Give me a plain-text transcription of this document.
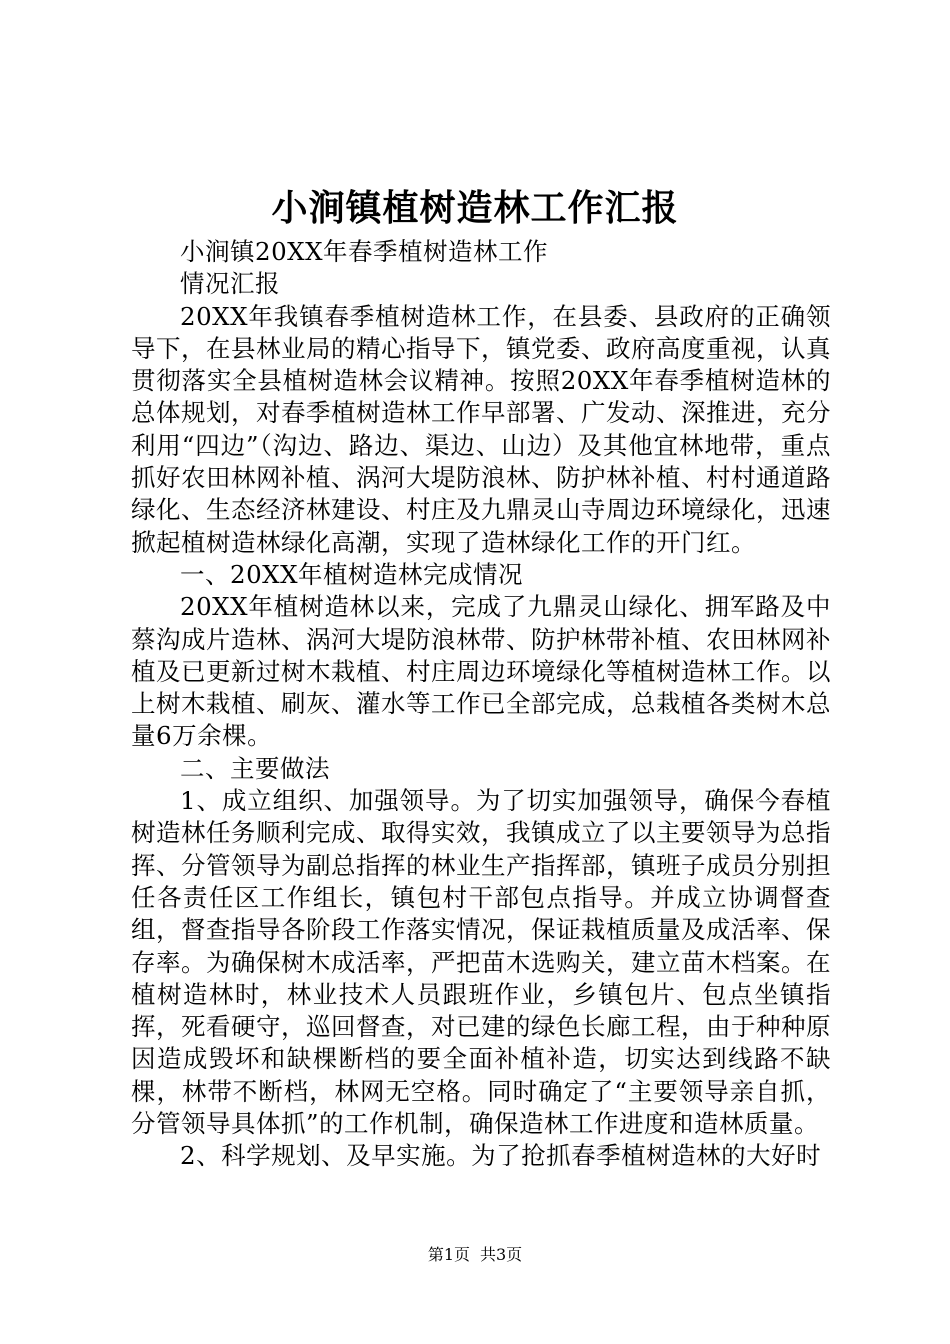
小涧镇植树造林工作汇报

小涧镇20XX年春季植树造林工作

情况汇报

20XX年我镇春季植树造林工作，在县委、县政府的正确领导下，在县林业局的精心指导下，镇党委、政府高度重视，认真贯彻落实全县植树造林会议精神。按照20XX年春季植树造林的总体规划，对春季植树造林工作早部署、广发动、深推进，充分利用“四边”（沟边、路边、渠边、山边）及其他宜林地带，重点抓好农田林网补植、涡河大堤防浪林、防护林补植、村村通道路绿化、生态经济林建设、村庄及九鼎灵山寺周边环境绿化，迅速掀起植树造林绿化高潮，实现了造林绿化工作的开门红。

一、20XX年植树造林完成情况

20XX年植树造林以来，完成了九鼎灵山绿化、拥军路及中蔡沟成片造林、涡河大堤防浪林带、防护林带补植、农田林网补植及已更新过树木栽植、村庄周边环境绿化等植树造林工作。以上树木栽植、刷灰、灌水等工作已全部完成，总栽植各类树木总量6万余棵。

二、主要做法

1、成立组织、加强领导。为了切实加强领导，确保今春植树造林任务顺利完成、取得实效，我镇成立了以主要领导为总指挥、分管领导为副总指挥的林业生产指挥部，镇班子成员分别担任各责任区工作组长，镇包村干部包点指导。并成立协调督查组，督查指导各阶段工作落实情况，保证栽植质量及成活率、保存率。为确保树木成活率，严把苗木选购关，建立苗木档案。在植树造林时，林业技术人员跟班作业，乡镇包片、包点坐镇指挥，死看硬守，巡回督查，对已建的绿色长廊工程，由于种种原因造成毁坏和缺棵断档的要全面补植补造，切实达到线路不缺棵，林带不断档，林网无空格。同时确定了“主要领导亲自抓，分管领导具体抓”的工作机制，确保造林工作进度和造林质量。

2、科学规划、及早实施。为了抢抓春季植树造林的大好时

第1页 共3页
